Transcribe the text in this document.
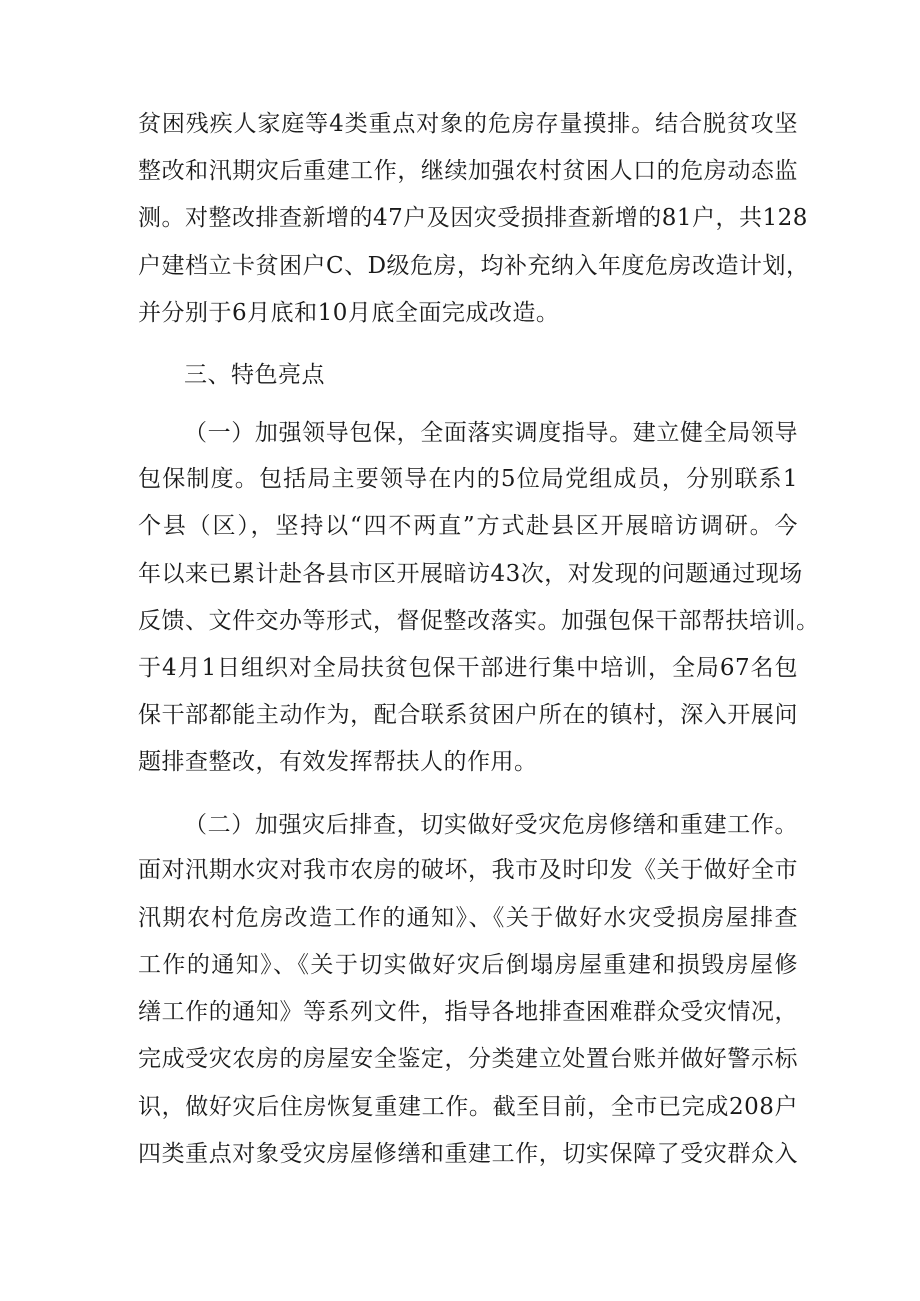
贫困残疾人家庭等4类重点对象的危房存量摸排。结合脱贫攻坚
整改和汛期灾后重建工作，继续加强农村贫困人口的危房动态监
测。对整改排查新增的47户及因灾受损排查新增的81户，共128
户建档立卡贫困户C、D级危房，均补充纳入年度危房改造计划，
并分别于6月底和10月底全面完成改造。
三、特色亮点
（一）加强领导包保，全面落实调度指导。建立健全局领导
包保制度。包括局主要领导在内的5位局党组成员，分别联系1
个县（区），坚持以“四不两直”方式赴县区开展暗访调研。今
年以来已累计赴各县市区开展暗访43次，对发现的问题通过现场
反馈、文件交办等形式，督促整改落实。加强包保干部帮扶培训。
于4月1日组织对全局扶贫包保干部进行集中培训，全局67名包
保干部都能主动作为，配合联系贫困户所在的镇村，深入开展问
题排查整改，有效发挥帮扶人的作用。
（二）加强灾后排查，切实做好受灾危房修缮和重建工作。
面对汛期水灾对我市农房的破坏，我市及时印发《关于做好全市
汛期农村危房改造工作的通知》、《关于做好水灾受损房屋排查
工作的通知》、《关于切实做好灾后倒塌房屋重建和损毁房屋修
缮工作的通知》等系列文件，指导各地排查困难群众受灾情况，
完成受灾农房的房屋安全鉴定，分类建立处置台账并做好警示标
识，做好灾后住房恢复重建工作。截至目前，全市已完成208户
四类重点对象受灾房屋修缮和重建工作，切实保障了受灾群众入
